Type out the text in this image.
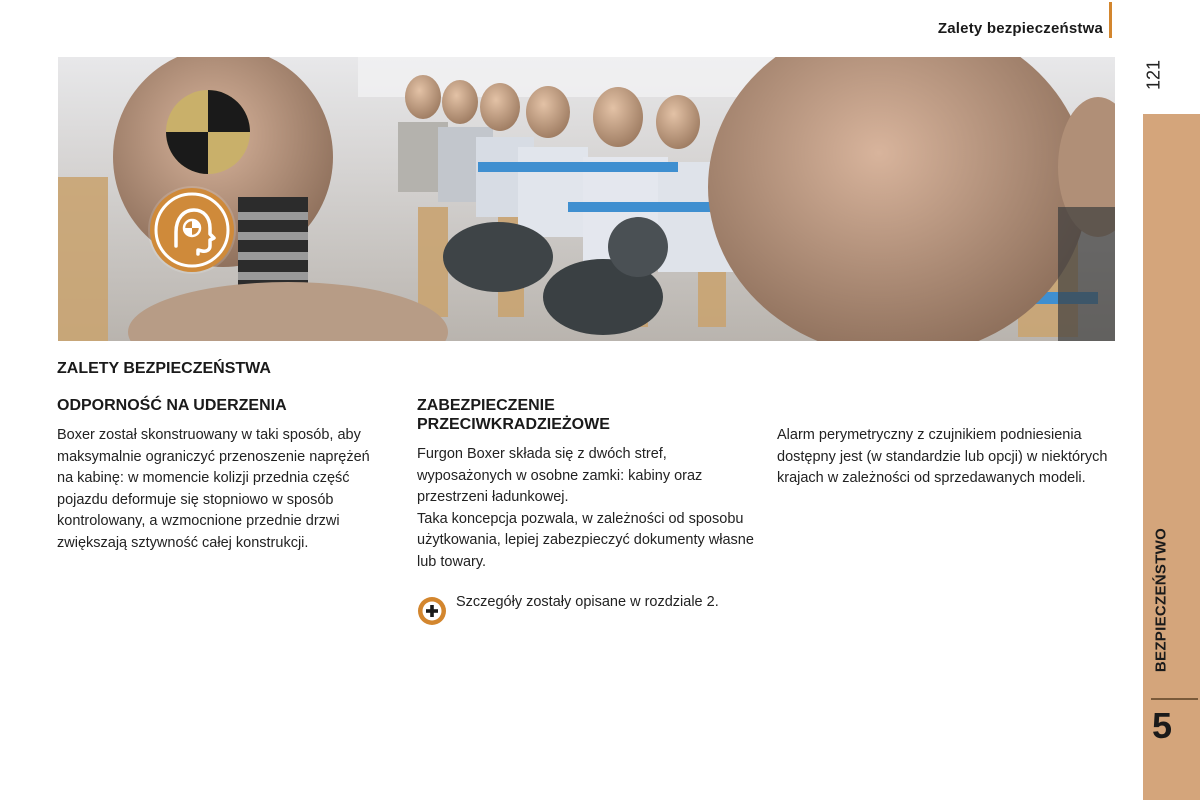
Zalety bezpieczeństwa
121
BEZPIECZEŃSTWO
5
ZALETY BEZPIECZEŃSTWA
ODPORNOŚĆ NA UDERZENIA

Boxer został skonstruowany w taki sposób, aby maksymalnie ograniczyć przenoszenie naprężeń na kabinę: w momencie kolizji przednia część pojazdu deformuje się stopniowo w sposób kontrolowany, a wzmocnione przednie drzwi zwiększają sztywność całej konstrukcji.

ZABEZPIECZENIE
PRZECIWKRADZIEŻOWE

Furgon Boxer składa się z dwóch stref, wyposażonych w osobne zamki: kabiny oraz przestrzeni ładunkowej.

Taka koncepcja pozwala, w zależności od sposobu użytkowania, lepiej zabezpieczyć dokumenty własne lub towary.

Szczegóły zostały opisane w rozdziale 2.

Alarm perymetryczny z czujnikiem podniesienia dostępny jest (w standardzie lub opcji) w niektórych krajach w zależności od sprzedawanych modeli.
